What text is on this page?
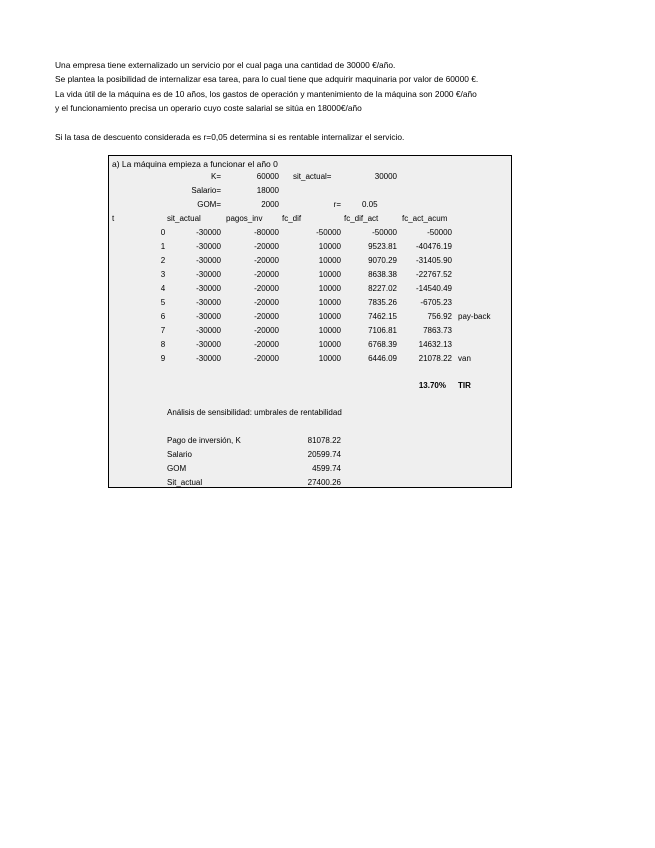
Una empresa tiene externalizado un servicio por el cual paga una cantidad de 30000 €/año.

Se plantea la posibilidad de internalizar esa tarea, para lo cual tiene que adquirir maquinaria por valor de 60000 €.

La vida útil de la máquina es de 10 años, los gastos de operación y mantenimiento de la máquina son 2000 €/año

y el funcionamiento precisa un operario cuyo coste salarial se sitúa en 18000€/año

Si la tasa de descuento considerada es r=0,05 determina si es rentable internalizar el servicio.

a) La máquina empieza a funcionar el año 0
K=	60000 sit_actual=	30000
Salario=	18000
GOM=	2000	r=	0.05
t	sit_actual	pagos_inv fc_dif	fc_dif_act	fc_act_acum
0	-30000	-80000	-50000	-50000	-50000
1	-30000	-20000	10000	9523.81	-40476.19
2	-30000	-20000	10000	9070.29	-31405.90
3	-30000	-20000	10000	8638.38	-22767.52
4	-30000	-20000	10000	8227.02	-14540.49
5	-30000	-20000	10000	7835.26	-6705.23
6	-30000	-20000	10000	7462.15	756.92 pay-back
7	-30000	-20000	10000	7106.81	7863.73
8	-30000	-20000	10000	6768.39	14632.13
9	-30000	-20000	10000	6446.09	21078.22 van
13.70% TIR
Análisis de sensibilidad: umbrales de rentabilidad
Pago de inversión, K	81078.22
Salario	20599.74
GOM	4599.74
Sit_actual	27400.26
